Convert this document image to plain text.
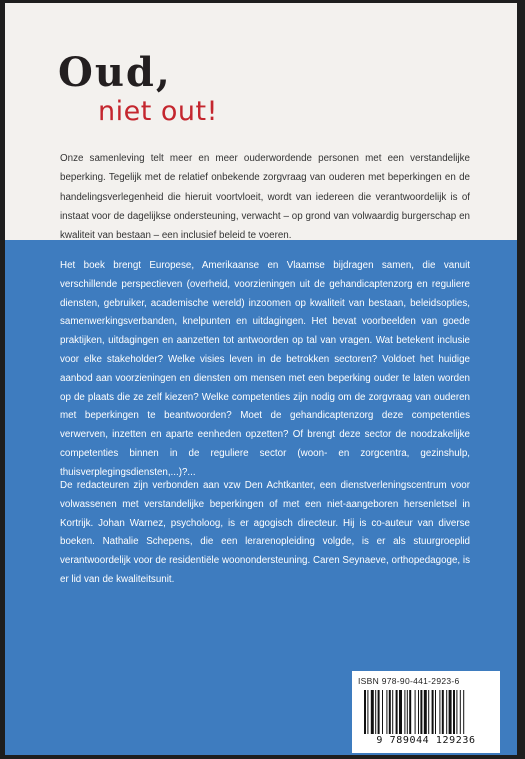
Oud,
niet out!
Onze samenleving telt meer en meer ouderwordende personen met een verstandelijke beperking. Tegelijk met de relatief onbekende zorgvraag van ouderen met beperkingen en de handelingsverlegenheid die hieruit voortvloeit, wordt van iedereen die verantwoordelijk is of instaat voor de dagelijkse ondersteuning, verwacht – op grond van volwaardig burgerschap en kwaliteit van bestaan – een inclusief beleid te voeren.
Het boek brengt Europese, Amerikaanse en Vlaamse bijdragen samen, die vanuit verschillende perspectieven (overheid, voorzieningen uit de gehandicaptenzorg en reguliere diensten, gebruiker, academische wereld) inzoomen op kwaliteit van bestaan, beleidsopties, samenwerkingsverbanden, knelpunten en uitdagingen. Het bevat voorbeelden van goede praktijken, uitdagingen en aanzetten tot antwoorden op tal van vragen. Wat betekent inclusie voor elke stakeholder? Welke visies leven in de betrokken sectoren? Voldoet het huidige aanbod aan voorzieningen en diensten om mensen met een beperking ouder te laten worden op de plaats die ze zelf kiezen? Welke competenties zijn nodig om de zorgvraag van ouderen met beperkingen te beantwoorden? Moet de gehandicaptenzorg deze competenties verwerven, inzetten en aparte eenheden opzetten? Of brengt deze sector de noodzakelijke competenties binnen in de reguliere sector (woon- en zorgcentra, gezinshulp, thuisverplegingsdiensten,...)?...
De redacteuren zijn verbonden aan vzw Den Achtkanter, een dienstverleningscentrum voor volwassenen met verstandelijke beperkingen of met een niet-aangeboren hersenletsel in Kortrijk. Johan Warnez, psycholoog, is er agogisch directeur. Hij is co-auteur van diverse boeken. Nathalie Schepens, die een lerarenopleiding volgde, is er als stuurgroeplid verantwoordelijk voor de residentiële woonondersteuning. Caren Seynaeve, orthopedagoge, is er lid van de kwaliteitsunit.
ISBN 978-90-441-2923-6
9 789044 129236
